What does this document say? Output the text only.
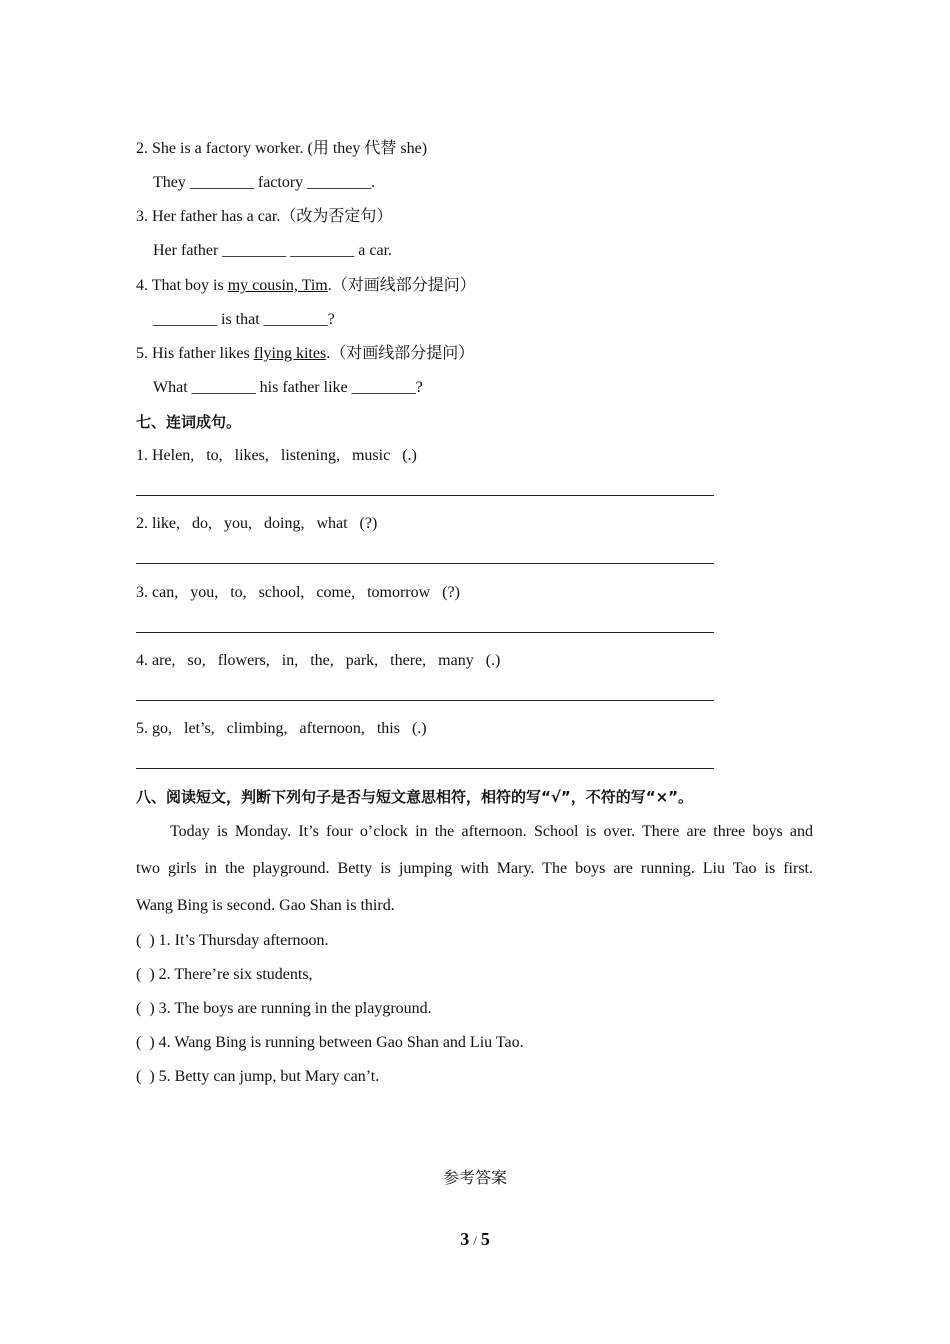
2. She is a factory worker. (用 they 代替 she)
They ________ factory ________.
3. Her father has a car.（改为否定句）
Her father ________ ________ a car.
4. That boy is my cousin, Tim.（对画线部分提问）
________ is that ________?
5. His father likes flying kites.（对画线部分提问）
What ________ his father like ________?
七、连词成句。
1. Helen,   to,   likes,   listening,   music   (.)
2. like,   do,   you,   doing,   what   (?)
3. can,   you,   to,   school,   come,   tomorrow   (?)
4. are,   so,   flowers,   in,   the,   park,   there,   many   (.)
5. go,   let’s,   climbing,   afternoon,   this   (.)
八、阅读短文，判断下列句子是否与短文意思相符，相符的写“√”，不符的写“×”。
Today is Monday. It’s four o’clock in the afternoon. School is over. There are three boys and
two girls in the playground. Betty is jumping with Mary. The boys are running. Liu Tao is first.
Wang Bing is second. Gao Shan is third.
(  ) 1. It’s Thursday afternoon.
(  ) 2. There’re six students,
(  ) 3. The boys are running in the playground.
(  ) 4. Wang Bing is running between Gao Shan and Liu Tao.
(  ) 5. Betty can jump, but Mary can’t.
参考答案
3 / 5
